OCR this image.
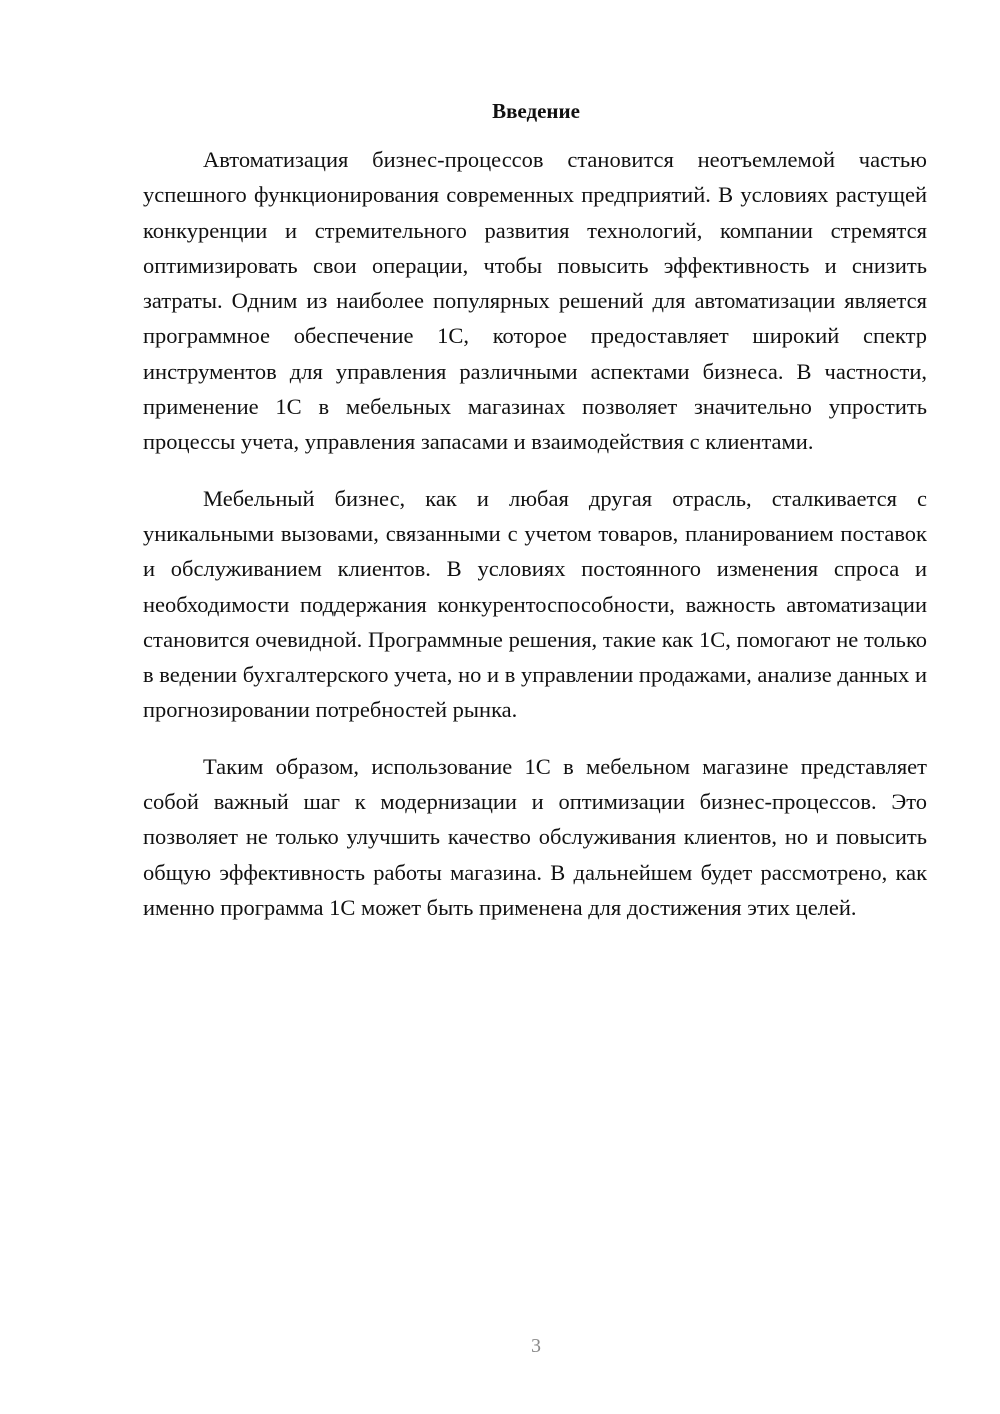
Введение

Автоматизация бизнес-процессов становится неотъемлемой частью успешного функционирования современных предприятий. В условиях растущей конкуренции и стремительного развития технологий, компании стремятся оптимизировать свои операции, чтобы повысить эффективность и снизить затраты. Одним из наиболее популярных решений для автоматизации является программное обеспечение 1С, которое предоставляет широкий спектр инструментов для управления различными аспектами бизнеса. В частности, применение 1С в мебельных магазинах позволяет значительно упростить процессы учета, управления запасами и взаимодействия с клиентами.

Мебельный бизнес, как и любая другая отрасль, сталкивается с уникальными вызовами, связанными с учетом товаров, планированием поставок и обслуживанием клиентов. В условиях постоянного изменения спроса и необходимости поддержания конкурентоспособности, важность автоматизации становится очевидной. Программные решения, такие как 1С, помогают не только в ведении бухгалтерского учета, но и в управлении продажами, анализе данных и прогнозировании потребностей рынка.

Таким образом, использование 1С в мебельном магазине представляет собой важный шаг к модернизации и оптимизации бизнес-процессов. Это позволяет не только улучшить качество обслуживания клиентов, но и повысить общую эффективность работы магазина. В дальнейшем будет рассмотрено, как именно программа 1С может быть применена для достижения этих целей.

3
